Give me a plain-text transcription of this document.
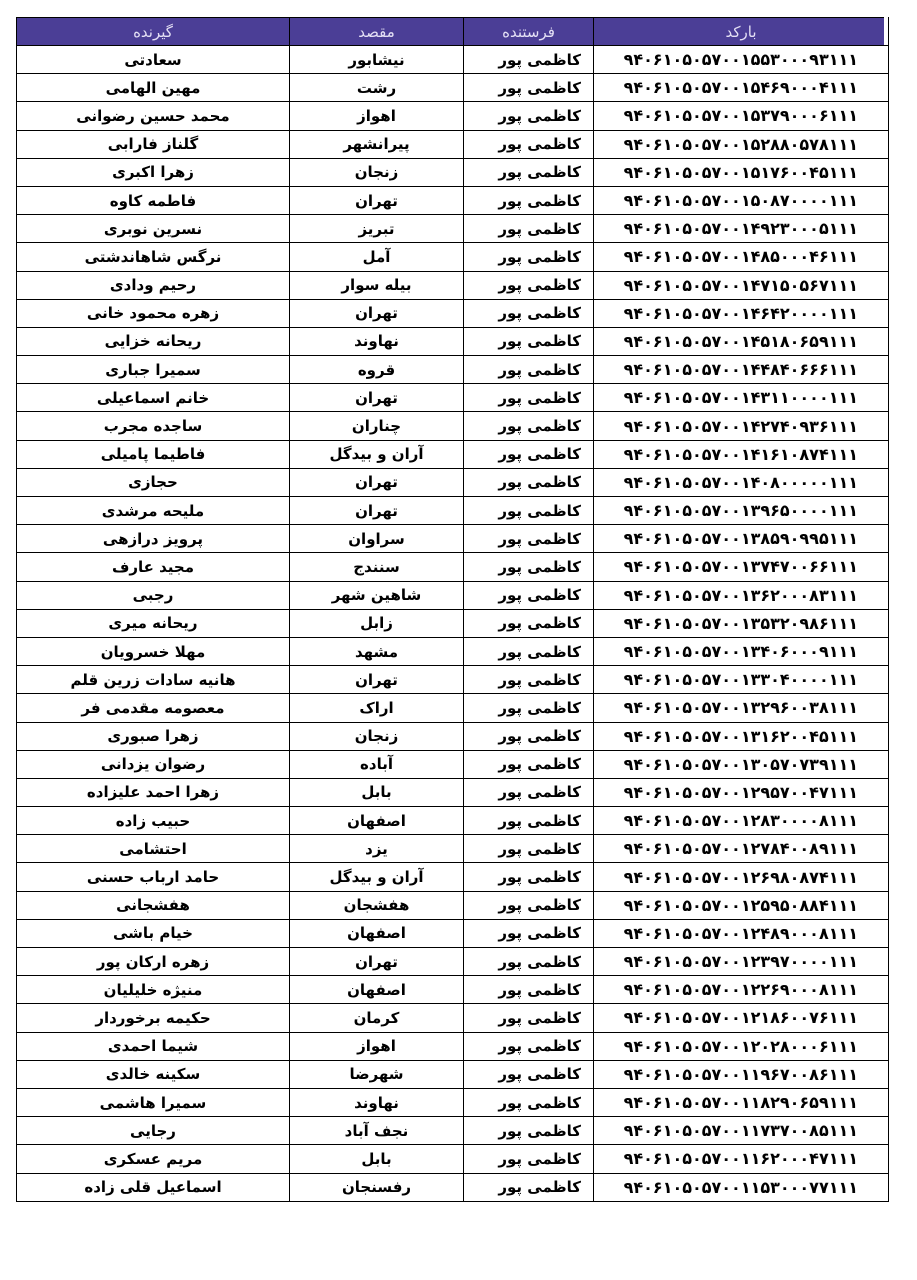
بارکد	فرستنده	مقصد	گیرنده
۹۴۰۶۱۰۵۰۵۷۰۰۱۵۵۳۰۰۰۹۳۱۱۱	کاظمی پور	نیشابور	سعادتی
۹۴۰۶۱۰۵۰۵۷۰۰۱۵۴۶۹۰۰۰۴۱۱۱	کاظمی پور	رشت	مهین الهامی
۹۴۰۶۱۰۵۰۵۷۰۰۱۵۳۷۹۰۰۰۶۱۱۱	کاظمی پور	اهواز	محمد حسین رضوانی
۹۴۰۶۱۰۵۰۵۷۰۰۱۵۲۸۸۰۵۷۸۱۱۱	کاظمی پور	پیرانشهر	گلناز فارابی
۹۴۰۶۱۰۵۰۵۷۰۰۱۵۱۷۶۰۰۴۵۱۱۱	کاظمی پور	زنجان	زهرا اکبری
۹۴۰۶۱۰۵۰۵۷۰۰۱۵۰۸۷۰۰۰۰۱۱۱	کاظمی پور	تهران	فاطمه کاوه
۹۴۰۶۱۰۵۰۵۷۰۰۱۴۹۲۳۰۰۰۵۱۱۱	کاظمی پور	تبریز	نسرین نوبری
۹۴۰۶۱۰۵۰۵۷۰۰۱۴۸۵۰۰۰۴۶۱۱۱	کاظمی پور	آمل	نرگس شاهاندشتی
۹۴۰۶۱۰۵۰۵۷۰۰۱۴۷۱۵۰۵۶۷۱۱۱	کاظمی پور	بیله سوار	رحیم ودادی
۹۴۰۶۱۰۵۰۵۷۰۰۱۴۶۴۲۰۰۰۰۱۱۱	کاظمی پور	تهران	زهره محمود خانی
۹۴۰۶۱۰۵۰۵۷۰۰۱۴۵۱۸۰۶۵۹۱۱۱	کاظمی پور	نهاوند	ریحانه خزایی
۹۴۰۶۱۰۵۰۵۷۰۰۱۴۴۸۴۰۶۶۶۱۱۱	کاظمی پور	قروه	سمیرا جباری
۹۴۰۶۱۰۵۰۵۷۰۰۱۴۳۱۱۰۰۰۰۱۱۱	کاظمی پور	تهران	خانم اسماعیلی
۹۴۰۶۱۰۵۰۵۷۰۰۱۴۲۷۴۰۹۳۶۱۱۱	کاظمی پور	چناران	ساجده مجرب
۹۴۰۶۱۰۵۰۵۷۰۰۱۴۱۶۱۰۸۷۴۱۱۱	کاظمی پور	آران و بیدگل	فاطیما پامیلی
۹۴۰۶۱۰۵۰۵۷۰۰۱۴۰۸۰۰۰۰۰۱۱۱	کاظمی پور	تهران	حجازی
۹۴۰۶۱۰۵۰۵۷۰۰۱۳۹۶۵۰۰۰۰۱۱۱	کاظمی پور	تهران	ملیحه مرشدی
۹۴۰۶۱۰۵۰۵۷۰۰۱۳۸۵۹۰۹۹۵۱۱۱	کاظمی پور	سراوان	پرویز درازهی
۹۴۰۶۱۰۵۰۵۷۰۰۱۳۷۴۷۰۰۶۶۱۱۱	کاظمی پور	سنندج	مجید عارف
۹۴۰۶۱۰۵۰۵۷۰۰۱۳۶۲۰۰۰۸۳۱۱۱	کاظمی پور	شاهین شهر	رجبی
۹۴۰۶۱۰۵۰۵۷۰۰۱۳۵۳۲۰۹۸۶۱۱۱	کاظمی پور	زابل	ریحانه میری
۹۴۰۶۱۰۵۰۵۷۰۰۱۳۴۰۶۰۰۰۹۱۱۱	کاظمی پور	مشهد	مهلا خسرویان
۹۴۰۶۱۰۵۰۵۷۰۰۱۳۳۰۴۰۰۰۰۱۱۱	کاظمی پور	تهران	هانیه سادات زرین قلم
۹۴۰۶۱۰۵۰۵۷۰۰۱۳۲۹۶۰۰۳۸۱۱۱	کاظمی پور	اراک	معصومه مقدمی فر
۹۴۰۶۱۰۵۰۵۷۰۰۱۳۱۶۲۰۰۴۵۱۱۱	کاظمی پور	زنجان	زهرا صبوری
۹۴۰۶۱۰۵۰۵۷۰۰۱۳۰۵۷۰۷۳۹۱۱۱	کاظمی پور	آباده	رضوان یزدانی
۹۴۰۶۱۰۵۰۵۷۰۰۱۲۹۵۷۰۰۴۷۱۱۱	کاظمی پور	بابل	زهرا احمد علیزاده
۹۴۰۶۱۰۵۰۵۷۰۰۱۲۸۳۰۰۰۰۸۱۱۱	کاظمی پور	اصفهان	حبیب زاده
۹۴۰۶۱۰۵۰۵۷۰۰۱۲۷۸۴۰۰۸۹۱۱۱	کاظمی پور	یزد	احتشامی
۹۴۰۶۱۰۵۰۵۷۰۰۱۲۶۹۸۰۸۷۴۱۱۱	کاظمی پور	آران و بیدگل	حامد ارباب حسنی
۹۴۰۶۱۰۵۰۵۷۰۰۱۲۵۹۵۰۸۸۴۱۱۱	کاظمی پور	هفشجان	هفشجانی
۹۴۰۶۱۰۵۰۵۷۰۰۱۲۴۸۹۰۰۰۸۱۱۱	کاظمی پور	اصفهان	خیام باشی
۹۴۰۶۱۰۵۰۵۷۰۰۱۲۳۹۷۰۰۰۰۱۱۱	کاظمی پور	تهران	زهره ارکان پور
۹۴۰۶۱۰۵۰۵۷۰۰۱۲۲۶۹۰۰۰۸۱۱۱	کاظمی پور	اصفهان	منیژه خلیلیان
۹۴۰۶۱۰۵۰۵۷۰۰۱۲۱۸۶۰۰۷۶۱۱۱	کاظمی پور	کرمان	حکیمه برخوردار
۹۴۰۶۱۰۵۰۵۷۰۰۱۲۰۲۸۰۰۰۶۱۱۱	کاظمی پور	اهواز	شیما احمدی
۹۴۰۶۱۰۵۰۵۷۰۰۱۱۹۶۷۰۰۸۶۱۱۱	کاظمی پور	شهرضا	سکینه خالدی
۹۴۰۶۱۰۵۰۵۷۰۰۱۱۸۲۹۰۶۵۹۱۱۱	کاظمی پور	نهاوند	سمیرا هاشمی
۹۴۰۶۱۰۵۰۵۷۰۰۱۱۷۳۷۰۰۸۵۱۱۱	کاظمی پور	نجف آباد	رجایی
۹۴۰۶۱۰۵۰۵۷۰۰۱۱۶۲۰۰۰۴۷۱۱۱	کاظمی پور	بابل	مریم عسکری
۹۴۰۶۱۰۵۰۵۷۰۰۱۱۵۳۰۰۰۷۷۱۱۱	کاظمی پور	رفسنجان	اسماعیل قلی زاده
